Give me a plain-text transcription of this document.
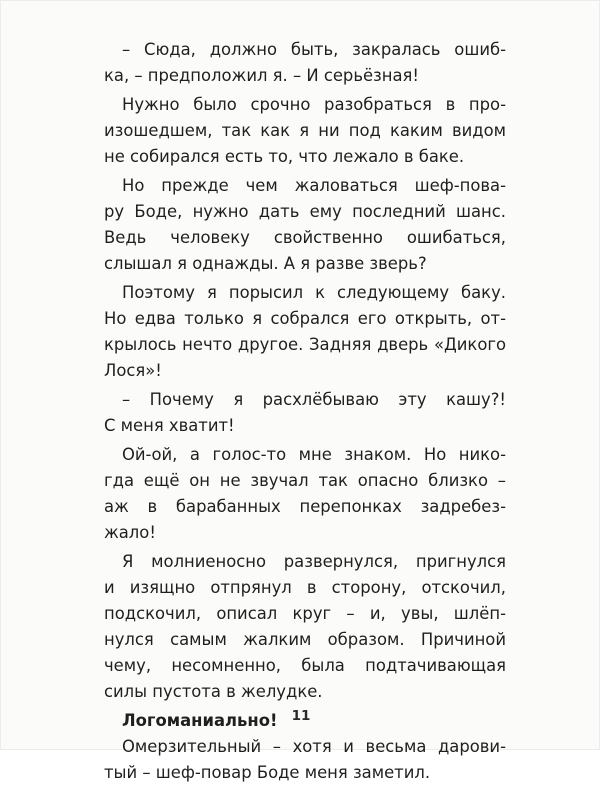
– Сюда, должно быть, закралась ошиб-
ка, – предположил я. – И серьёзная!
Нужно было срочно разобраться в про-
изошедшем, так как я ни под каким видом
не собирался есть то, что лежало в баке.
Но прежде чем жаловаться шеф-пова-
ру Боде, нужно дать ему последний шанс.
Ведь человеку свойственно ошибаться,
слышал я однажды. А я разве зверь?
Поэтому я порысил к следующему баку.
Но едва только я собрался его открыть, от-
крылось нечто другое. Задняя дверь «Дикого
Лося»!
– Почему я расхлёбываю эту кашу?!
С меня хватит!
Ой-ой, а голос-то мне знаком. Но нико-
гда ещё он не звучал так опасно близко –
аж в барабанных перепонках задребез-
жало!
Я молниеносно развернулся, пригнулся
и изящно отпрянул в сторону, отскочил,
подскочил, описал круг – и, увы, шлёп-
нулся самым жалким образом. Причиной
чему, несомненно, была подтачивающая
силы пустота в желудке.
Логоманиально!
Омерзительный – хотя и весьма дарови-
тый – шеф-повар Боде меня заметил.
11
